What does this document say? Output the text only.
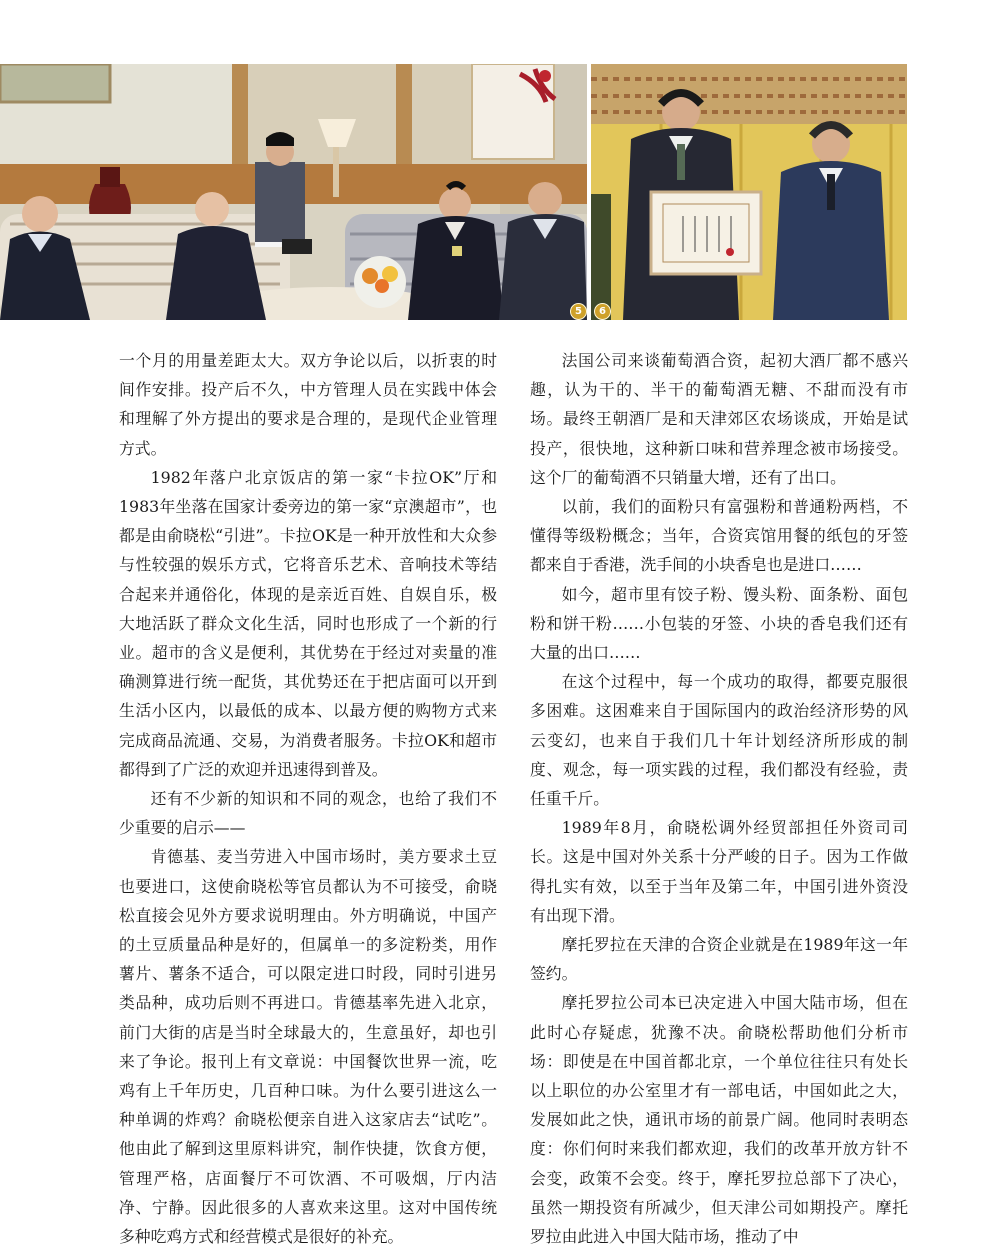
5	6

一个月的用量差距太大。双方争论以后，以折衷的时间作安排。投产后不久，中方管理人员在实践中体会和理解了外方提出的要求是合理的，是现代企业管理方式。

1982年落户北京饭店的第一家“卡拉OK”厅和1983年坐落在国家计委旁边的第一家“京澳超市”，也都是由俞晓松“引进”。卡拉OK是一种开放性和大众参与性较强的娱乐方式，它将音乐艺术、音响技术等结合起来并通俗化，体现的是亲近百姓、自娱自乐，极大地活跃了群众文化生活，同时也形成了一个新的行业。超市的含义是便利，其优势在于经过对卖量的准确测算进行统一配货，其优势还在于把店面可以开到生活小区内，以最低的成本、以最方便的购物方式来完成商品流通、交易，为消费者服务。卡拉OK和超市都得到了广泛的欢迎并迅速得到普及。

还有不少新的知识和不同的观念，也给了我们不少重要的启示——

肯德基、麦当劳进入中国市场时，美方要求土豆也要进口，这使俞晓松等官员都认为不可接受，俞晓松直接会见外方要求说明理由。外方明确说，中国产的土豆质量品种是好的，但属单一的多淀粉类，用作薯片、薯条不适合，可以限定进口时段，同时引进另类品种，成功后则不再进口。肯德基率先进入北京，前门大街的店是当时全球最大的，生意虽好，却也引来了争论。报刊上有文章说：中国餐饮世界一流，吃鸡有上千年历史，几百种口味。为什么要引进这么一种单调的炸鸡？俞晓松便亲自进入这家店去“试吃”。他由此了解到这里原料讲究，制作快捷，饮食方便，管理严格，店面餐厅不可饮酒、不可吸烟，厅内洁净、宁静。因此很多的人喜欢来这里。这对中国传统多种吃鸡方式和经营模式是很好的补充。

法国公司来谈葡萄酒合资，起初大酒厂都不感兴趣，认为干的、半干的葡萄酒无糖、不甜而没有市场。最终王朝酒厂是和天津郊区农场谈成，开始是试投产，很快地，这种新口味和营养理念被市场接受。这个厂的葡萄酒不只销量大增，还有了出口。

以前，我们的面粉只有富强粉和普通粉两档，不懂得等级粉概念；当年，合资宾馆用餐的纸包的牙签都来自于香港，洗手间的小块香皂也是进口……

如今，超市里有饺子粉、馒头粉、面条粉、面包粉和饼干粉……小包装的牙签、小块的香皂我们还有大量的出口……

在这个过程中，每一个成功的取得，都要克服很多困难。这困难来自于国际国内的政治经济形势的风云变幻，也来自于我们几十年计划经济所形成的制度、观念，每一项实践的过程，我们都没有经验，责任重千斤。

1989年8月，俞晓松调外经贸部担任外资司司长。这是中国对外关系十分严峻的日子。因为工作做得扎实有效，以至于当年及第二年，中国引进外资没有出现下滑。

摩托罗拉在天津的合资企业就是在1989年这一年签约。

摩托罗拉公司本已决定进入中国大陆市场，但在此时心存疑虑，犹豫不决。俞晓松帮助他们分析市场：即使是在中国首都北京，一个单位往往只有处长以上职位的办公室里才有一部电话，中国如此之大，发展如此之快，通讯市场的前景广阔。他同时表明态度：你们何时来我们都欢迎，我们的改革开放方针不会变，政策不会变。终于，摩托罗拉总部下了决心，虽然一期投资有所减少，但天津公司如期投产。摩托罗拉由此进入中国大陆市场，推动了中
